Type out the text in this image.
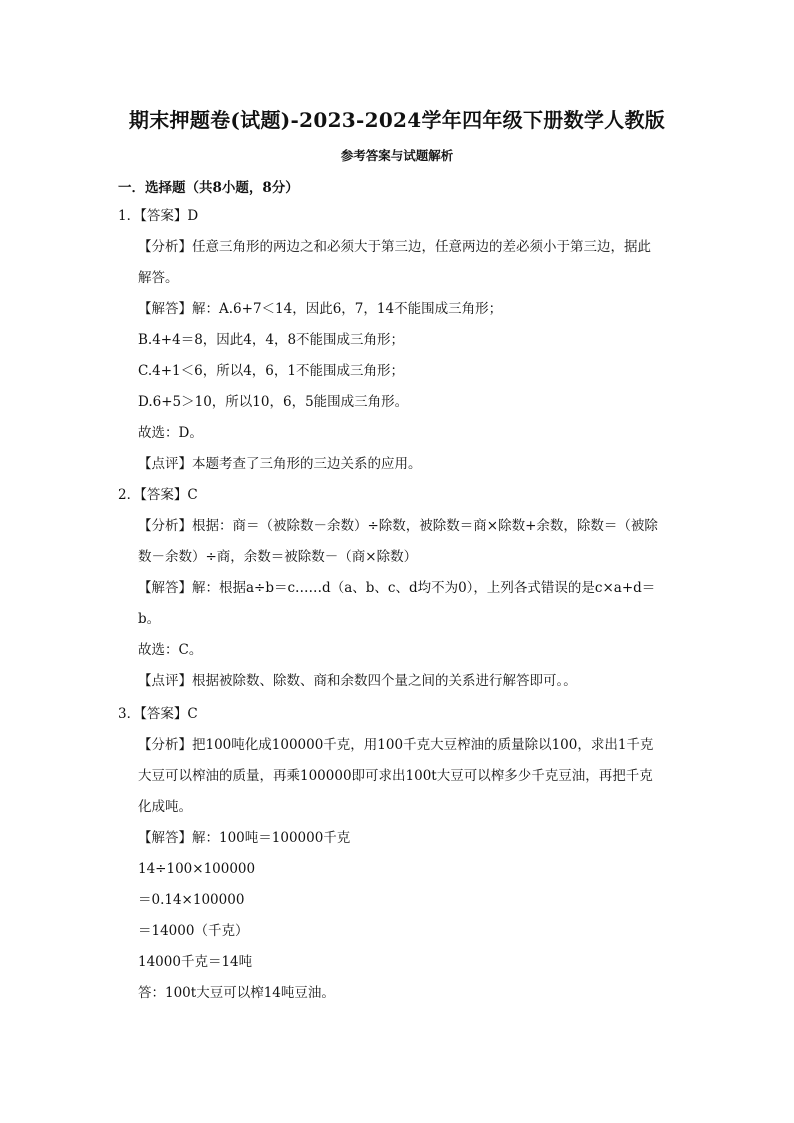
期末押题卷(试题)-2023-2024学年四年级下册数学人教版
参考答案与试题解析
一．选择题（共8小题，8分）
1．【答案】D
【分析】任意三角形的两边之和必须大于第三边，任意两边的差必须小于第三边，据此
解答。
【解答】解：A.6+7＜14，因此6，7，14不能围成三角形；
B.4+4＝8，因此4，4，8不能围成三角形；
C.4+1＜6，所以4，6，1不能围成三角形；
D.6+5＞10，所以10，6，5能围成三角形。
故选：D。
【点评】本题考查了三角形的三边关系的应用。
2．【答案】C
【分析】根据：商＝（被除数－余数）÷除数，被除数＝商×除数+余数，除数＝（被除
数－余数）÷商，余数＝被除数－（商×除数）
【解答】解：根据a÷b＝c……d（a、b、c、d均不为0），上列各式错误的是c×a+d＝
b。
故选：C。
【点评】根据被除数、除数、商和余数四个量之间的关系进行解答即可。。
3．【答案】C
【分析】把100吨化成100000千克，用100千克大豆榨油的质量除以100，求出1千克
大豆可以榨油的质量，再乘100000即可求出100t大豆可以榨多少千克豆油，再把千克
化成吨。
【解答】解：100吨＝100000千克
14÷100×100000
＝0.14×100000
＝14000（千克）
14000千克＝14吨
答：100t大豆可以榨14吨豆油。
